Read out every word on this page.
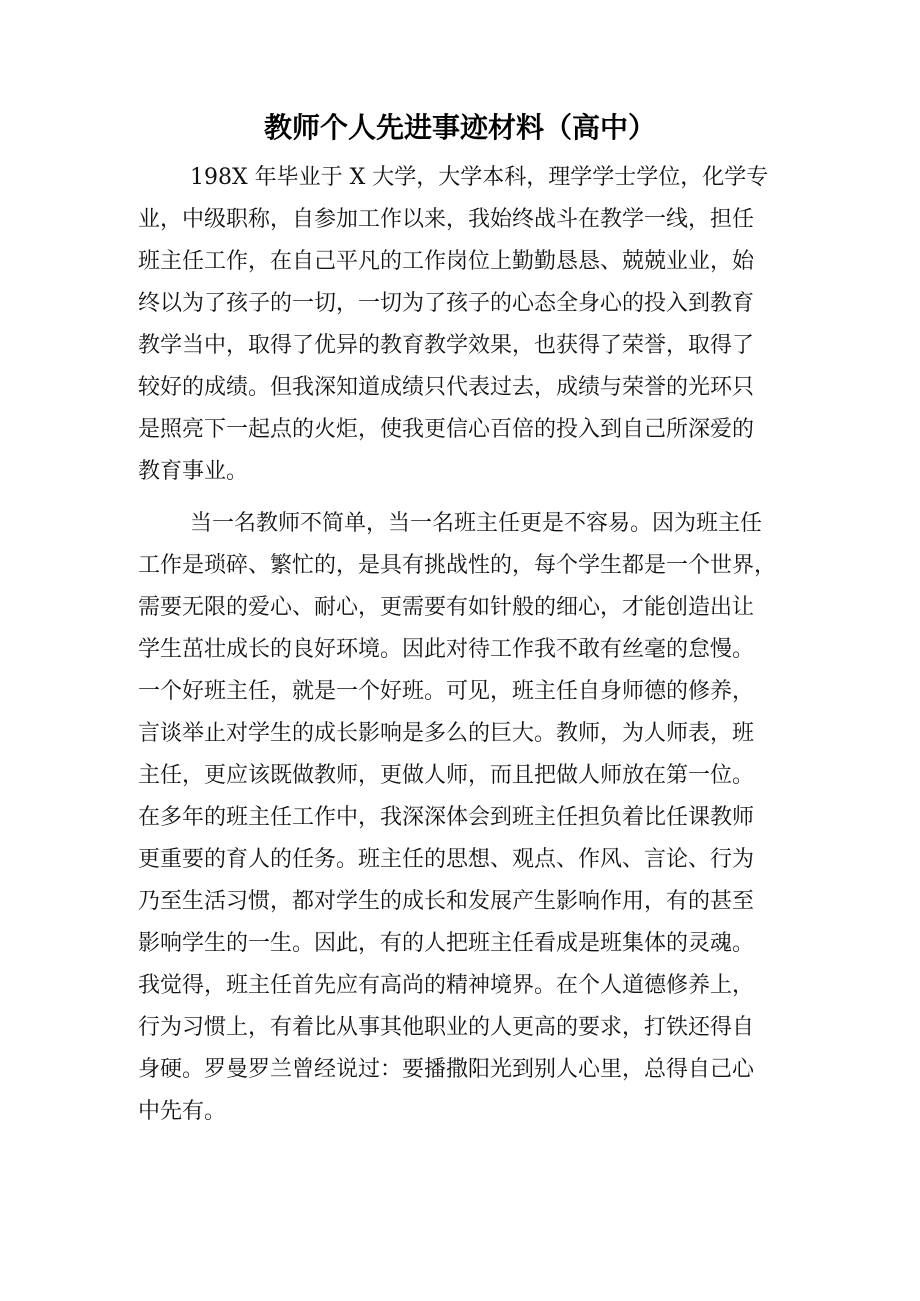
教师个人先进事迹材料（高中）
198X 年毕业于 X 大学，大学本科，理学学士学位，化学专
业，中级职称，自参加工作以来，我始终战斗在教学一线，担任
班主任工作，在自己平凡的工作岗位上勤勤恳恳、兢兢业业，始
终以为了孩子的一切，一切为了孩子的心态全身心的投入到教育
教学当中，取得了优异的教育教学效果，也获得了荣誉，取得了
较好的成绩。但我深知道成绩只代表过去，成绩与荣誉的光环只
是照亮下一起点的火炬，使我更信心百倍的投入到自己所深爱的
教育事业。
当一名教师不简单，当一名班主任更是不容易。因为班主任
工作是琐碎、繁忙的，是具有挑战性的，每个学生都是一个世界，
需要无限的爱心、耐心，更需要有如针般的细心，才能创造出让
学生茁壮成长的良好环境。因此对待工作我不敢有丝毫的怠慢。
一个好班主任，就是一个好班。可见，班主任自身师德的修养，
言谈举止对学生的成长影响是多么的巨大。教师，为人师表，班
主任，更应该既做教师，更做人师，而且把做人师放在第一位。
在多年的班主任工作中，我深深体会到班主任担负着比任课教师
更重要的育人的任务。班主任的思想、观点、作风、言论、行为
乃至生活习惯，都对学生的成长和发展产生影响作用，有的甚至
影响学生的一生。因此，有的人把班主任看成是班集体的灵魂。
我觉得，班主任首先应有高尚的精神境界。在个人道德修养上，
行为习惯上，有着比从事其他职业的人更高的要求，打铁还得自
身硬。罗曼罗兰曾经说过：要播撒阳光到别人心里，总得自己心
中先有。
